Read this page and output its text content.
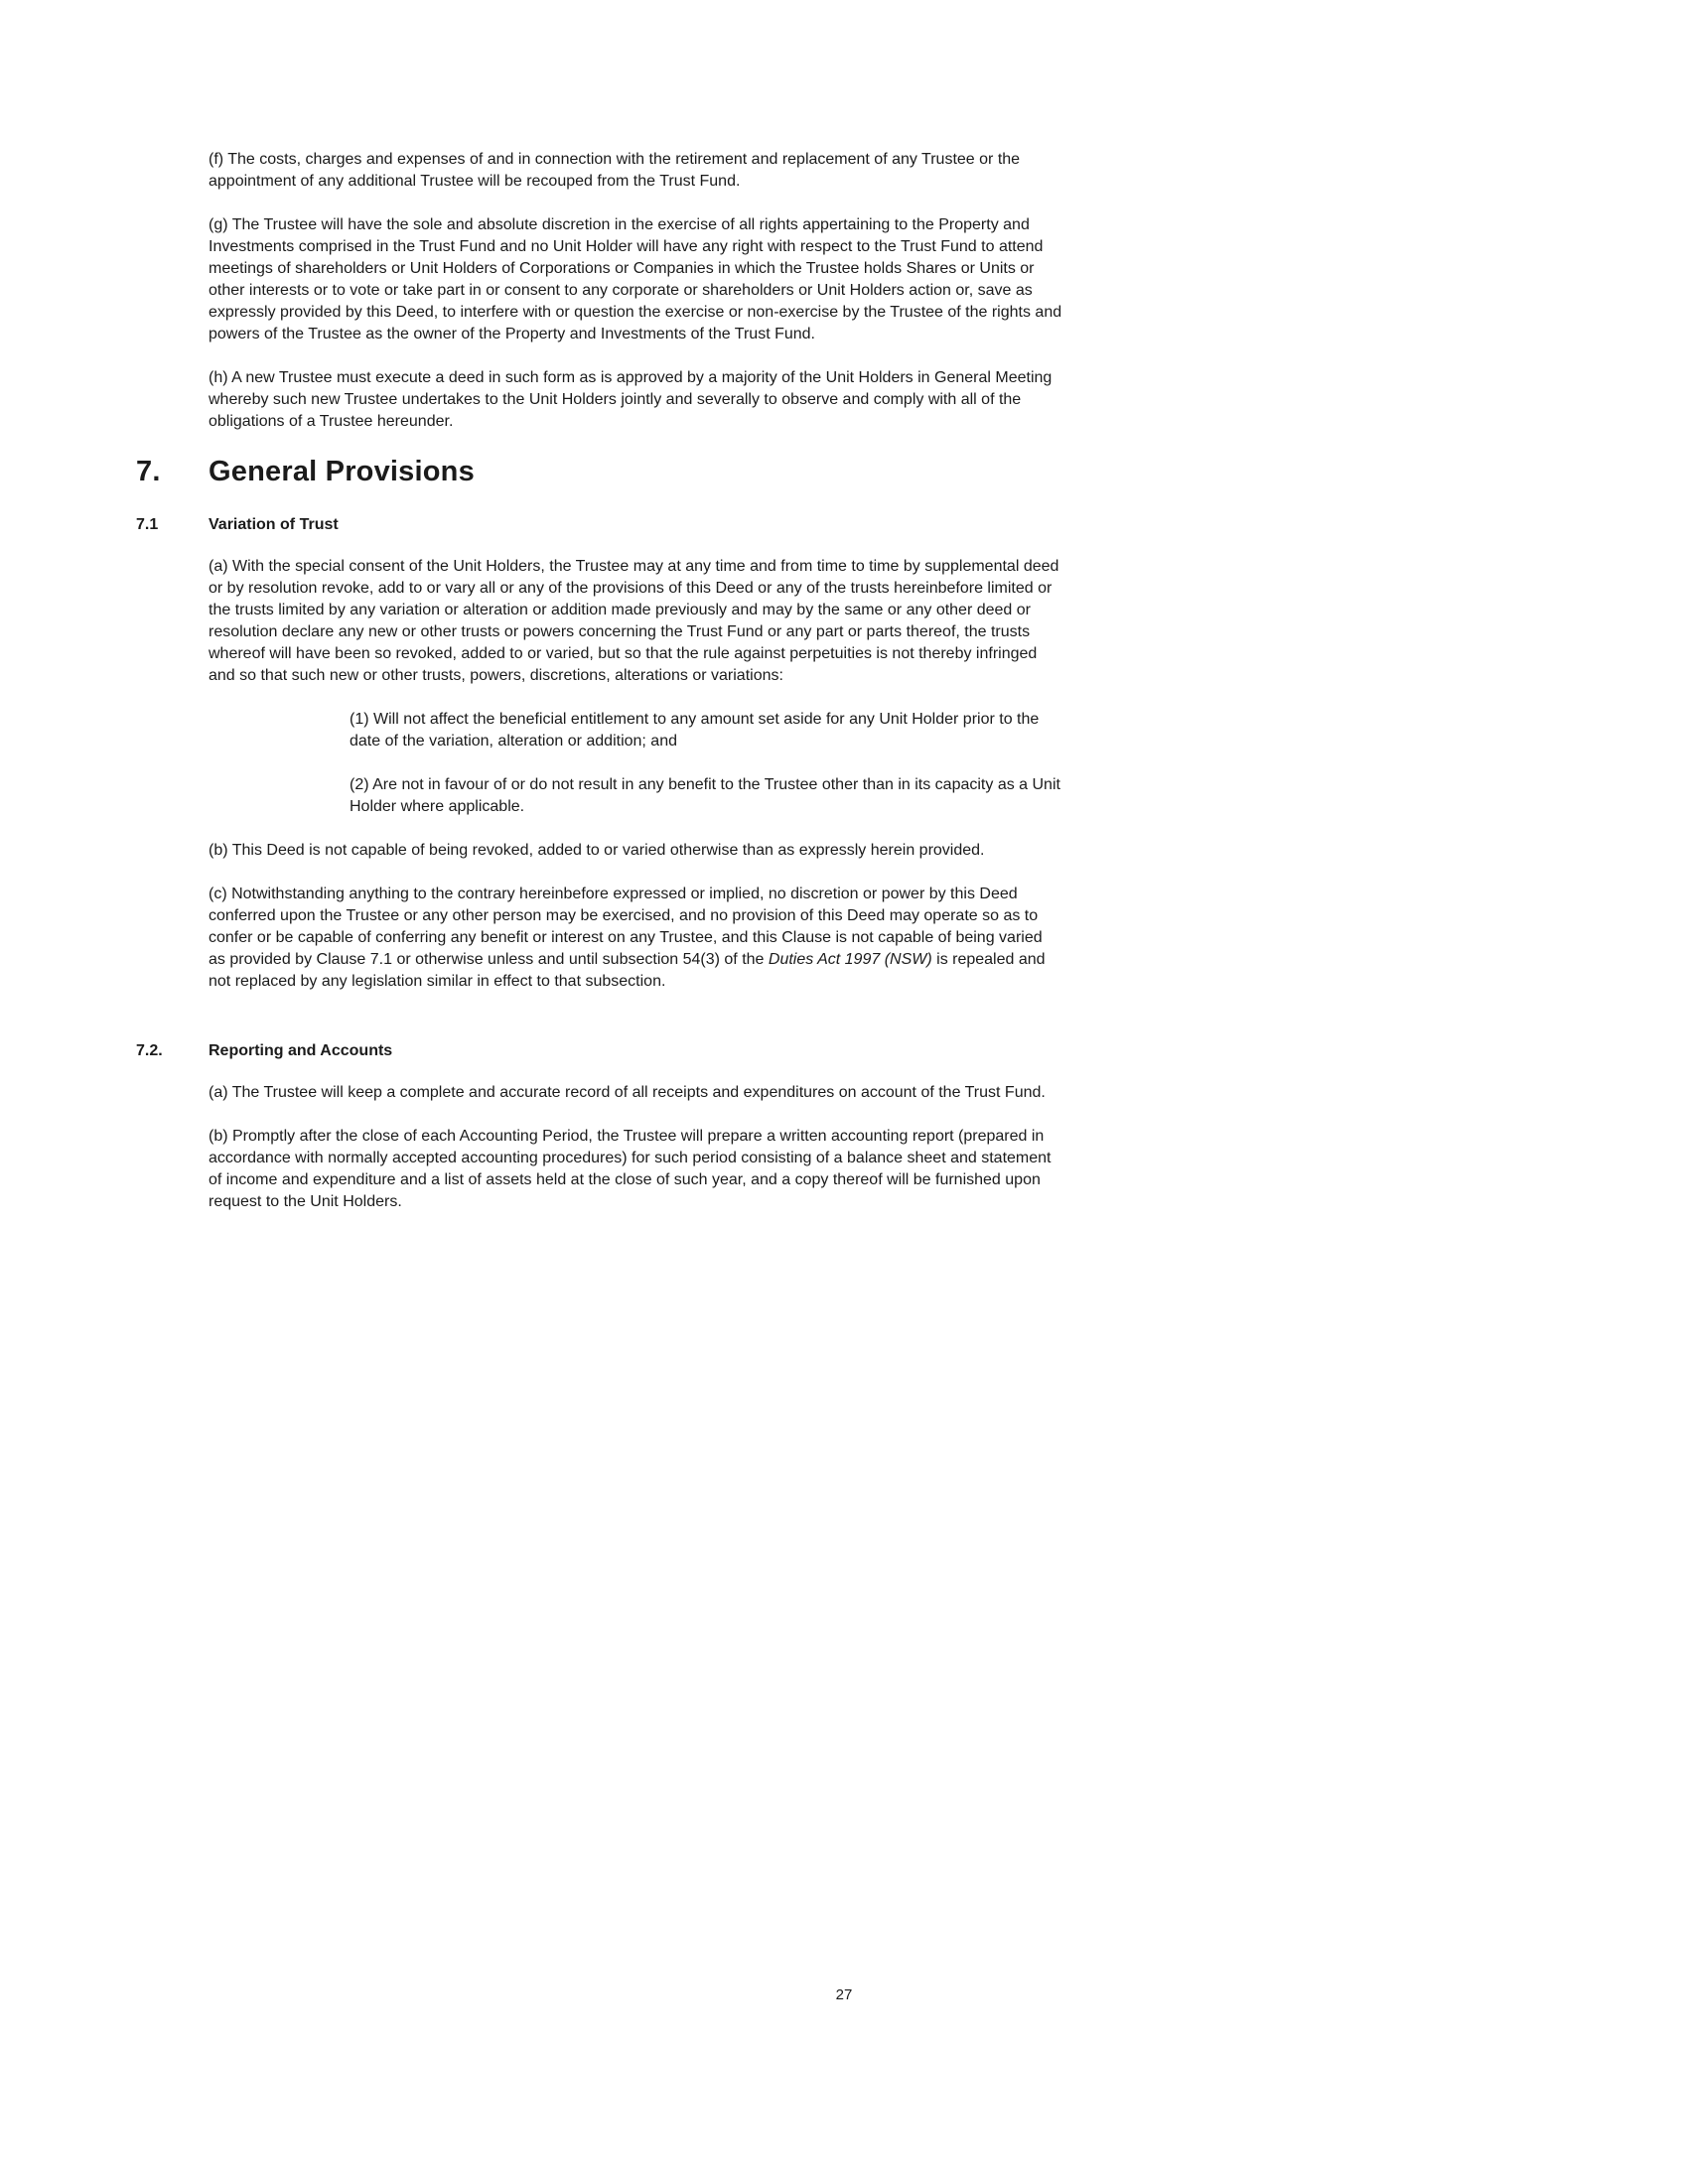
(f) The costs, charges and expenses of and in connection with the retirement and replacement of any Trustee or the appointment of any additional Trustee will be recouped from the Trust Fund.

(g) The Trustee will have the sole and absolute discretion in the exercise of all rights appertaining to the Property and Investments comprised in the Trust Fund and no Unit Holder will have any right with respect to the Trust Fund to attend meetings of shareholders or Unit Holders of Corporations or Companies in which the Trustee holds Shares or Units or other interests or to vote or take part in or consent to any corporate or shareholders or Unit Holders action or, save as expressly provided by this Deed, to interfere with or question the exercise or non-exercise by the Trustee of the rights and powers of the Trustee as the owner of the Property and Investments of the Trust Fund.

(h) A new Trustee must execute a deed in such form as is approved by a majority of the Unit Holders in General Meeting whereby such new Trustee undertakes to the Unit Holders jointly and severally to observe and comply with all of the obligations of a Trustee hereunder.

7.	General Provisions
7.1	Variation of Trust

(a) With the special consent of the Unit Holders, the Trustee may at any time and from time to time by supplemental deed or by resolution revoke, add to or vary all or any of the provisions of this Deed or any of the trusts hereinbefore limited or the trusts limited by any variation or alteration or addition made previously and may by the same or any other deed or resolution declare any new or other trusts or powers concerning the Trust Fund or any part or parts thereof, the trusts whereof will have been so revoked, added to or varied, but so that the rule against perpetuities is not thereby infringed and so that such new or other trusts, powers, discretions, alterations or variations:

(1) Will not affect the beneficial entitlement to any amount set aside for any Unit Holder prior to the date of the variation, alteration or addition; and

(2) Are not in favour of or do not result in any benefit to the Trustee other than in its capacity as a Unit Holder where applicable.

(b) This Deed is not capable of being revoked, added to or varied otherwise than as expressly herein provided.

(c) Notwithstanding anything to the contrary hereinbefore expressed or implied, no discretion or power by this Deed conferred upon the Trustee or any other person may be exercised, and no provision of this Deed may operate so as to confer or be capable of conferring any benefit or interest on any Trustee, and this Clause is not capable of being varied as provided by Clause 7.1 or otherwise unless and until subsection 54(3) of the Duties Act 1997 (NSW) is repealed and not replaced by any legislation similar in effect to that subsection.

7.2.	Reporting and Accounts

(a) The Trustee will keep a complete and accurate record of all receipts and expenditures on account of the Trust Fund.

(b) Promptly after the close of each Accounting Period, the Trustee will prepare a written accounting report (prepared in accordance with normally accepted accounting procedures) for such period consisting of a balance sheet and statement of income and expenditure and a list of assets held at the close of such year, and a copy thereof will be furnished upon request to the Unit Holders.

27
